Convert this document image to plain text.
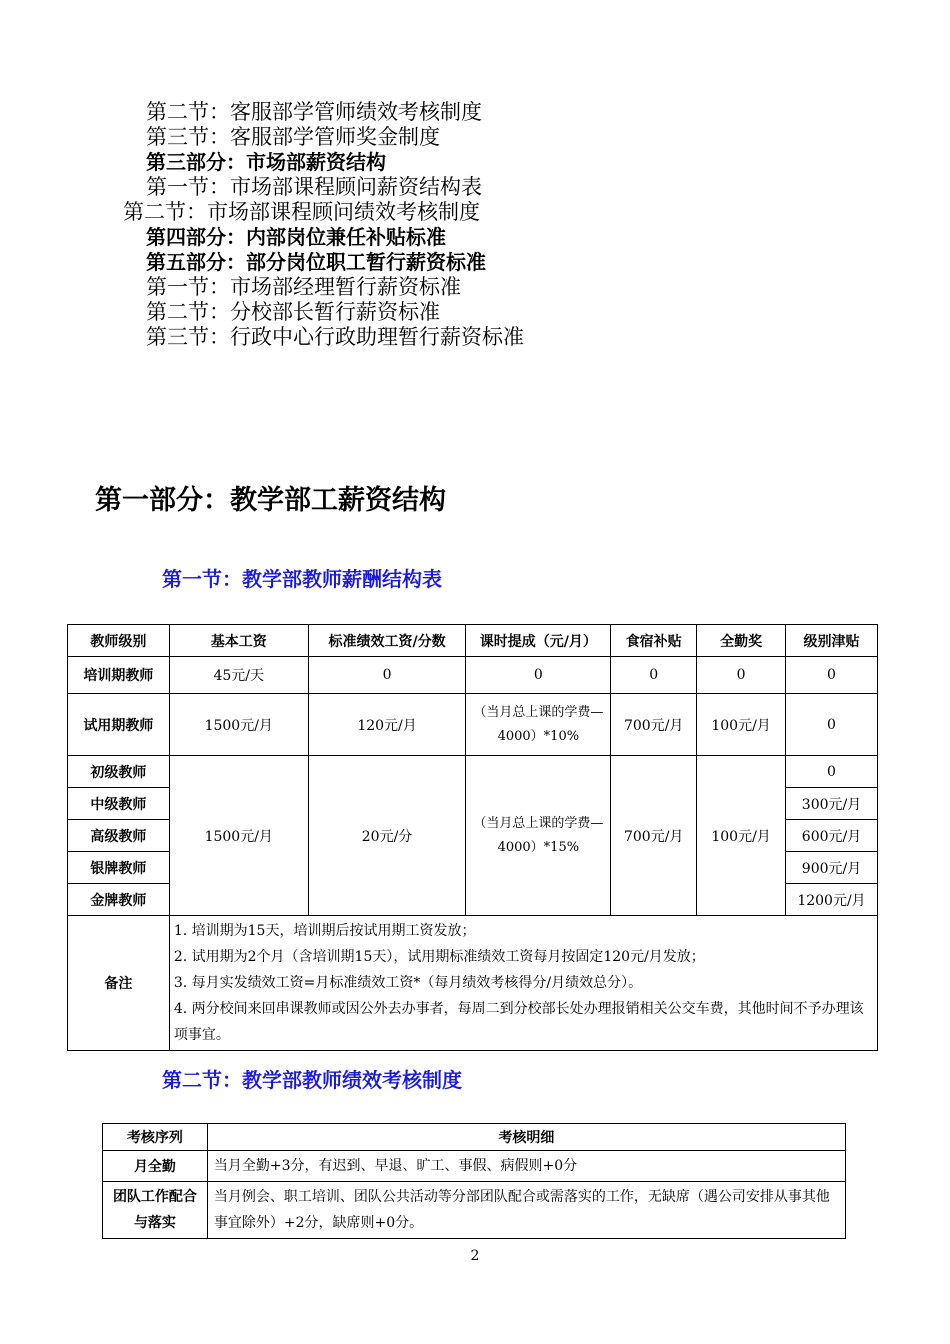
第二节：客服部学管师绩效考核制度
第三节：客服部学管师奖金制度
第三部分：市场部薪资结构
第一节：市场部课程顾问薪资结构表
第二节：市场部课程顾问绩效考核制度
第四部分：内部岗位兼任补贴标准
第五部分：部分岗位职工暂行薪资标准
第一节：市场部经理暂行薪资标准
第二节：分校部长暂行薪资标准
第三节：行政中心行政助理暂行薪资标准
第一部分：教学部工薪资结构
第一节：教学部教师薪酬结构表
教师级别	基本工资	标准绩效工资/分数	课时提成（元/月）	食宿补贴	全勤奖	级别津贴
培训期教师	45元/天	0	0	0	0	0
试用期教师	1500元/月	120元/月	（当月总上课的学费—4000）*10%	700元/月	100元/月	0
初级教师	1500元/月	20元/分	（当月总上课的学费—4000）*15%	700元/月	100元/月	0
中级教师						300元/月
高级教师						600元/月
银牌教师						900元/月
金牌教师						1200元/月
备注	1. 培训期为15天，培训期后按试用期工资发放；
2. 试用期为2个月（含培训期15天），试用期标准绩效工资每月按固定120元/月发放；
3. 每月实发绩效工资=月标准绩效工资*（每月绩效考核得分/月绩效总分）。
4. 两分校间来回串课教师或因公外去办事者，每周二到分校部长处办理报销相关公交车费，其他时间不予办理该项事宜。					
第二节：教学部教师绩效考核制度
考核序列	考核明细
月全勤	当月全勤+3分，有迟到、早退、旷工、事假、病假则+0分
团队工作配合与落实	当月例会、职工培训、团队公共活动等分部团队配合或需落实的工作，无缺席（遇公司安排从事其他事宜除外）+2分，缺席则+0分。
2
